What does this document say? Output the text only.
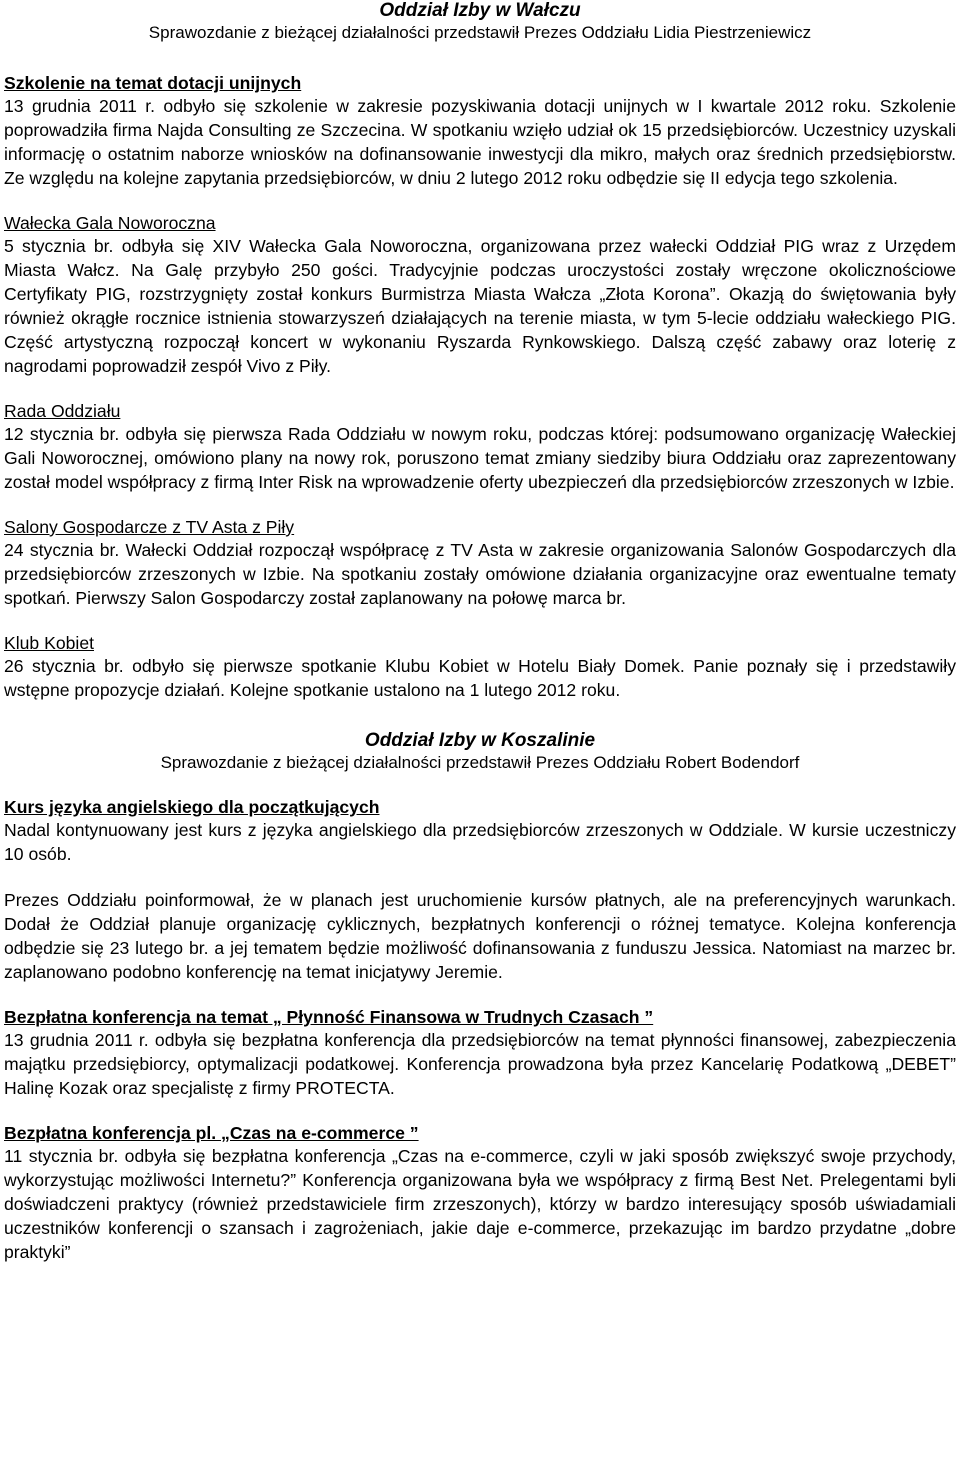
Oddział Izby w Wałczu

Sprawozdanie z bieżącej działalności przedstawił Prezes Oddziału Lidia Piestrzeniewicz

Szkolenie na temat dotacji unijnych

13 grudnia 2011 r. odbyło się szkolenie w zakresie pozyskiwania dotacji unijnych w I kwartale 2012 roku. Szkolenie poprowadziła firma Najda Consulting ze Szczecina. W spotkaniu wzięło udział ok 15 przedsiębiorców. Uczestnicy uzyskali informację o ostatnim naborze wniosków na dofinansowanie inwestycji dla mikro, małych oraz średnich przedsiębiorstw. Ze względu na kolejne zapytania przedsiębiorców, w dniu 2 lutego 2012 roku odbędzie się II edycja tego szkolenia.

Wałecka Gala Noworoczna

5 stycznia br. odbyła się XIV Wałecka Gala Noworoczna, organizowana przez wałecki Oddział PIG wraz z Urzędem Miasta Wałcz. Na Galę przybyło 250 gości. Tradycyjnie podczas uroczystości zostały wręczone okolicznościowe Certyfikaty PIG, rozstrzygnięty został konkurs Burmistrza Miasta Wałcza „Złota Korona”. Okazją do świętowania były również okrągłe rocznice istnienia stowarzyszeń działających na terenie miasta, w tym 5-lecie oddziału wałeckiego PIG. Część artystyczną rozpoczął koncert w wykonaniu Ryszarda Rynkowskiego. Dalszą część zabawy oraz loterię z nagrodami poprowadził zespół Vivo z Piły.

Rada Oddziału

12 stycznia br. odbyła się pierwsza Rada Oddziału w nowym roku, podczas której: podsumowano organizację Wałeckiej Gali Noworocznej, omówiono plany na nowy rok, poruszono temat zmiany siedziby biura Oddziału oraz zaprezentowany został model współpracy z firmą Inter Risk na wprowadzenie oferty ubezpieczeń dla przedsiębiorców zrzeszonych w Izbie.

Salony Gospodarcze z TV Asta z Piły

24 stycznia br. Wałecki Oddział rozpoczął współpracę z TV Asta w zakresie organizowania Salonów Gospodarczych dla przedsiębiorców zrzeszonych w Izbie. Na spotkaniu zostały omówione działania organizacyjne oraz ewentualne tematy spotkań. Pierwszy Salon Gospodarczy został zaplanowany na połowę marca br.

Klub Kobiet

26 stycznia br. odbyło się pierwsze spotkanie Klubu Kobiet w Hotelu Biały Domek. Panie poznały się i przedstawiły wstępne propozycje działań. Kolejne spotkanie ustalono na 1 lutego 2012 roku.

Oddział Izby w Koszalinie

Sprawozdanie z bieżącej działalności przedstawił Prezes Oddziału Robert Bodendorf

Kurs języka angielskiego dla początkujących

Nadal kontynuowany jest kurs z języka angielskiego dla przedsiębiorców zrzeszonych w Oddziale. W kursie uczestniczy 10 osób.

Prezes Oddziału poinformował, że w planach jest uruchomienie kursów płatnych, ale na preferencyjnych warunkach. Dodał że Oddział planuje organizację cyklicznych, bezpłatnych konferencji o różnej tematyce. Kolejna konferencja odbędzie się 23 lutego br. a jej tematem będzie możliwość dofinansowania z funduszu Jessica. Natomiast na marzec br. zaplanowano podobno konferencję na temat inicjatywy Jeremie.

Bezpłatna konferencja na temat „ Płynność Finansowa w Trudnych Czasach ”

13 grudnia 2011 r. odbyła się bezpłatna konferencja dla przedsiębiorców na temat płynności finansowej, zabezpieczenia majątku przedsiębiorcy, optymalizacji podatkowej. Konferencja prowadzona była przez Kancelarię Podatkową „DEBET” Halinę Kozak oraz specjalistę z firmy PROTECTA.

Bezpłatna konferencja pl. „Czas na e-commerce ”

11 stycznia br. odbyła się bezpłatna konferencja „Czas na e-commerce, czyli w jaki sposób zwiększyć swoje przychody, wykorzystując możliwości Internetu?” Konferencja organizowana była we współpracy z firmą Best Net. Prelegentami byli doświadczeni praktycy (również przedstawiciele firm zrzeszonych), którzy w bardzo interesujący sposób uświadamiali uczestników konferencji o szansach i zagrożeniach, jakie daje e-commerce, przekazując im bardzo przydatne „dobre praktyki”
